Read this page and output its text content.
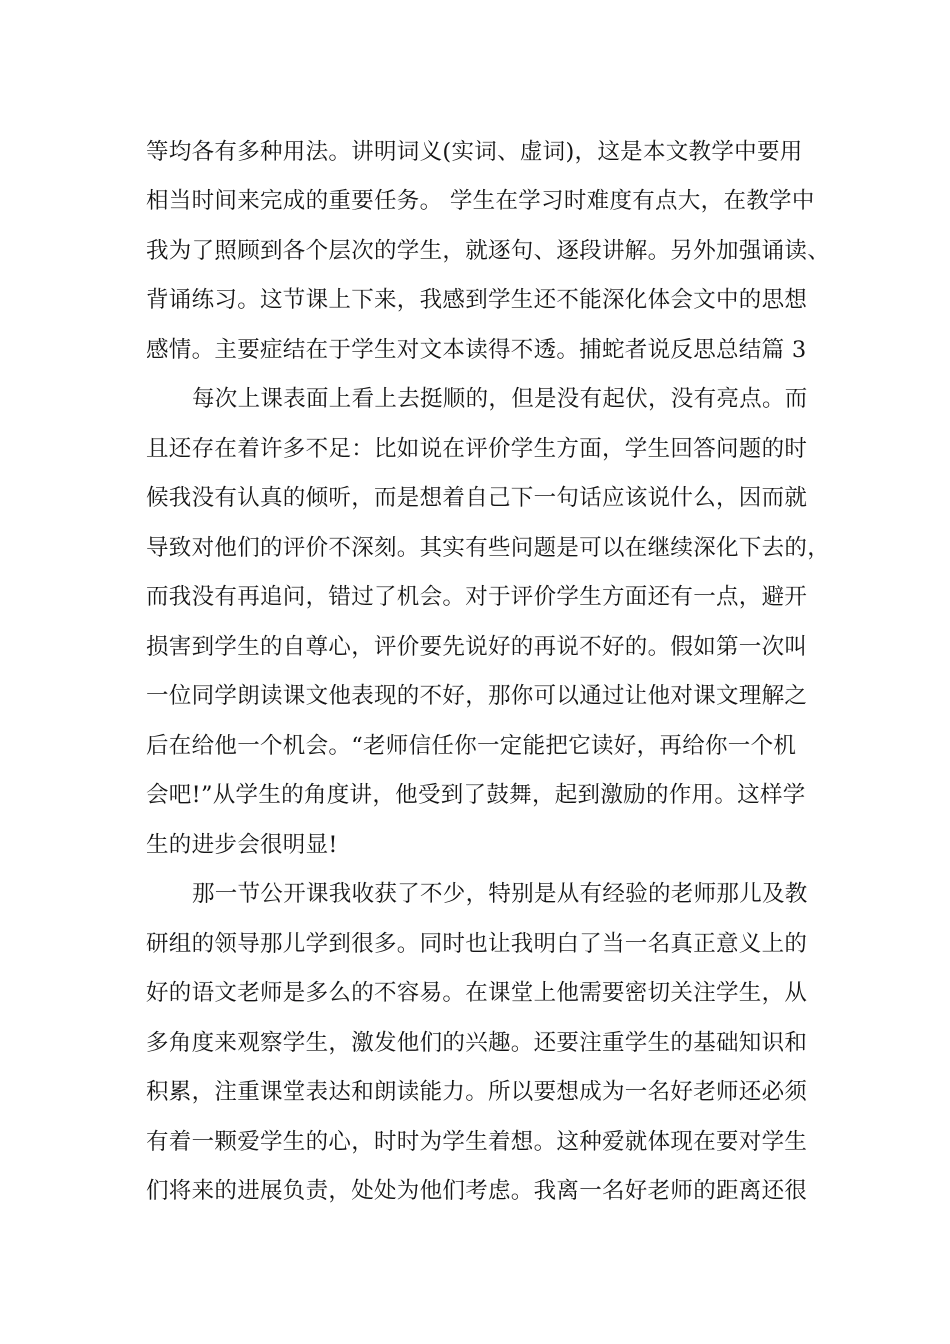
等均各有多种用法。讲明词义(实词、虚词)，这是本文教学中要用
相当时间来完成的重要任务。 学生在学习时难度有点大，在教学中
我为了照顾到各个层次的学生，就逐句、逐段讲解。另外加强诵读、
背诵练习。这节课上下来，我感到学生还不能深化体会文中的思想
感情。主要症结在于学生对文本读得不透。捕蛇者说反思总结篇 3
每次上课表面上看上去挺顺的，但是没有起伏，没有亮点。而
且还存在着许多不足：比如说在评价学生方面，学生回答问题的时
候我没有认真的倾听，而是想着自己下一句话应该说什么，因而就
导致对他们的评价不深刻。其实有些问题是可以在继续深化下去的，
而我没有再追问，错过了机会。对于评价学生方面还有一点，避开
损害到学生的自尊心，评价要先说好的再说不好的。假如第一次叫
一位同学朗读课文他表现的不好，那你可以通过让他对课文理解之
后在给他一个机会。“老师信任你一定能把它读好，再给你一个机
会吧!”从学生的角度讲，他受到了鼓舞，起到激励的作用。这样学
生的进步会很明显!
那一节公开课我收获了不少，特别是从有经验的老师那儿及教
研组的领导那儿学到很多。同时也让我明白了当一名真正意义上的
好的语文老师是多么的不容易。在课堂上他需要密切关注学生，从
多角度来观察学生，激发他们的兴趣。还要注重学生的基础知识和
积累，注重课堂表达和朗读能力。所以要想成为一名好老师还必须
有着一颗爱学生的心，时时为学生着想。这种爱就体现在要对学生
们将来的进展负责，处处为他们考虑。我离一名好老师的距离还很
